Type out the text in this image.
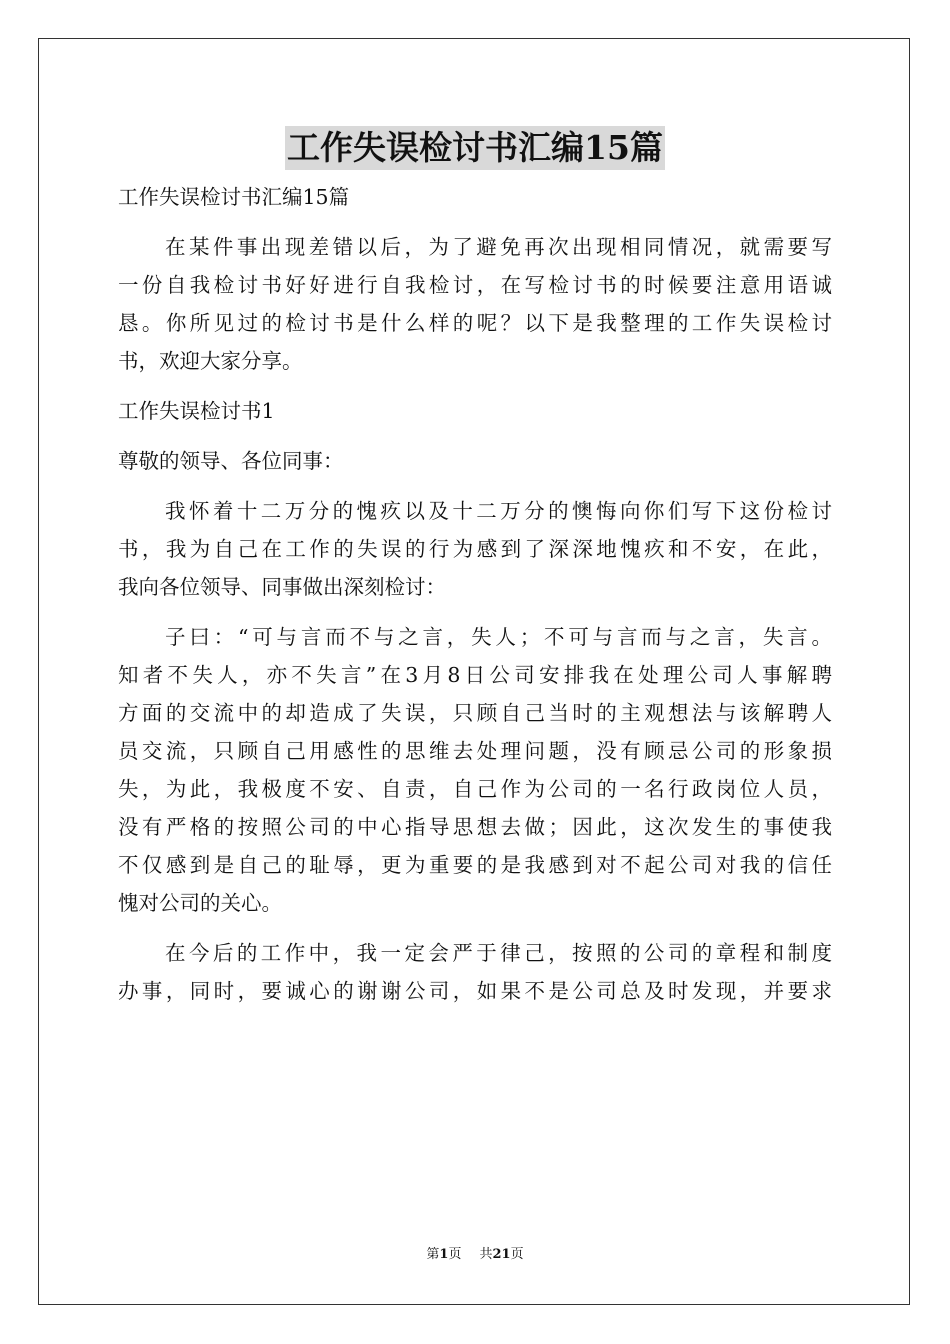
工作失误检讨书汇编15篇
工作失误检讨书汇编15篇
在某件事出现差错以后，为了避免再次出现相同情况，就需要写
一份自我检讨书好好进行自我检讨，在写检讨书的时候要注意用语诚
恳。你所见过的检讨书是什么样的呢？以下是我整理的工作失误检讨
书，欢迎大家分享。
工作失误检讨书1
尊敬的领导、各位同事：
我怀着十二万分的愧疚以及十二万分的懊悔向你们写下这份检讨
书，我为自己在工作的失误的行为感到了深深地愧疚和不安，在此，
我向各位领导、同事做出深刻检讨：
子曰：“可与言而不与之言，失人；不可与言而与之言，失言。
知者不失人，亦不失言”在3月8日公司安排我在处理公司人事解聘
方面的交流中的却造成了失误，只顾自己当时的主观想法与该解聘人
员交流，只顾自己用感性的思维去处理问题，没有顾忌公司的形象损
失，为此，我极度不安、自责，自己作为公司的一名行政岗位人员，
没有严格的按照公司的中心指导思想去做；因此，这次发生的事使我
不仅感到是自己的耻辱，更为重要的是我感到对不起公司对我的信任
愧对公司的关心。
在今后的工作中，我一定会严于律己，按照的公司的章程和制度
办事，同时，要诚心的谢谢公司，如果不是公司总及时发现，并要求
第1页 共21页
